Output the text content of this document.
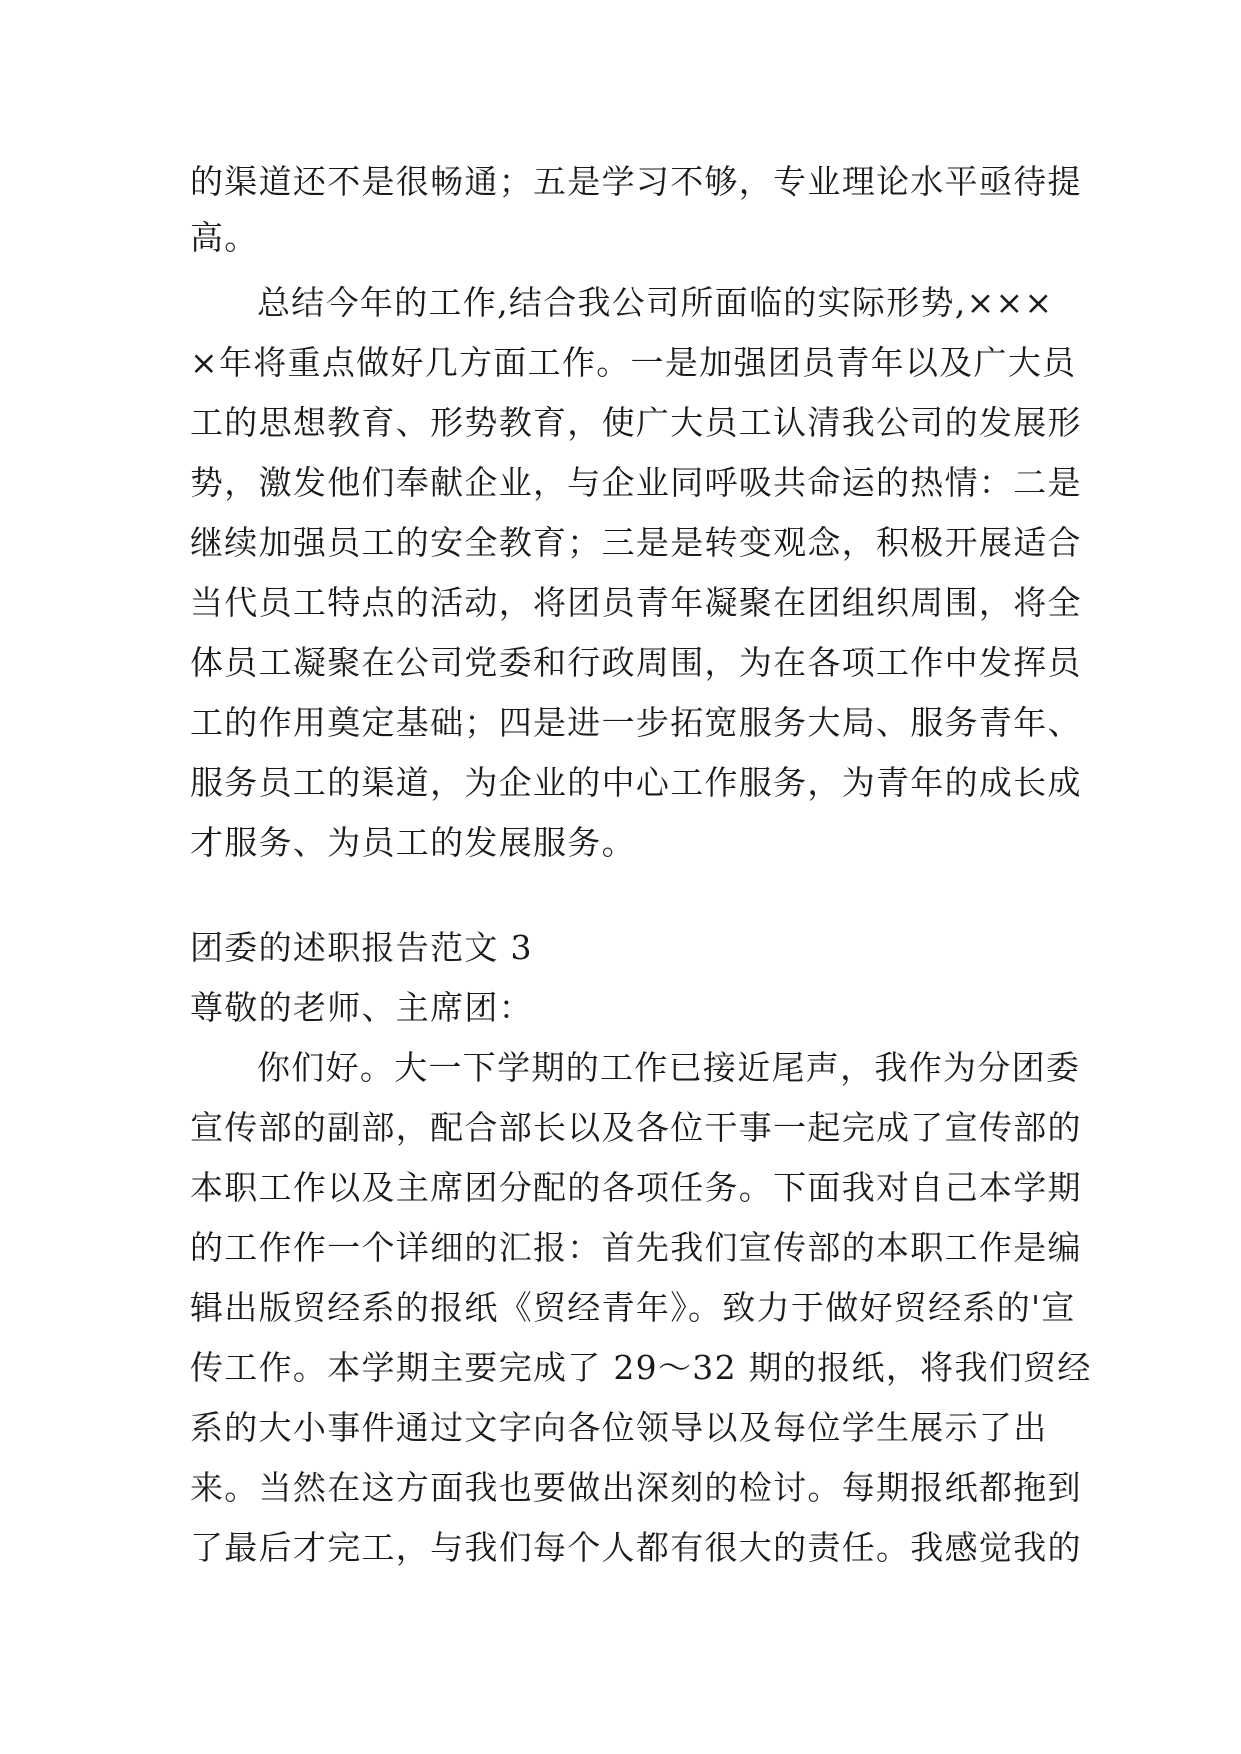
的渠道还不是很畅通；五是学习不够，专业理论水平亟待提
高。
总结今年的工作,结合我公司所面临的实际形势,×××
×年将重点做好几方面工作。一是加强团员青年以及广大员
工的思想教育、形势教育，使广大员工认清我公司的发展形
势，激发他们奉献企业，与企业同呼吸共命运的热情：二是
继续加强员工的安全教育；三是是转变观念，积极开展适合
当代员工特点的活动，将团员青年凝聚在团组织周围，将全
体员工凝聚在公司党委和行政周围，为在各项工作中发挥员
工的作用奠定基础；四是进一步拓宽服务大局、服务青年、
服务员工的渠道，为企业的中心工作服务，为青年的成长成
才服务、为员工的发展服务。
团委的述职报告范文 3
尊敬的老师、主席团：
你们好。大一下学期的工作已接近尾声，我作为分团委
宣传部的副部，配合部长以及各位干事一起完成了宣传部的
本职工作以及主席团分配的各项任务。下面我对自己本学期
的工作作一个详细的汇报：首先我们宣传部的本职工作是编
辑出版贸经系的报纸《贸经青年》。致力于做好贸经系的'宣
传工作。本学期主要完成了 29～32 期的报纸，将我们贸经
系的大小事件通过文字向各位领导以及每位学生展示了出
来。当然在这方面我也要做出深刻的检讨。每期报纸都拖到
了最后才完工，与我们每个人都有很大的责任。我感觉我的
